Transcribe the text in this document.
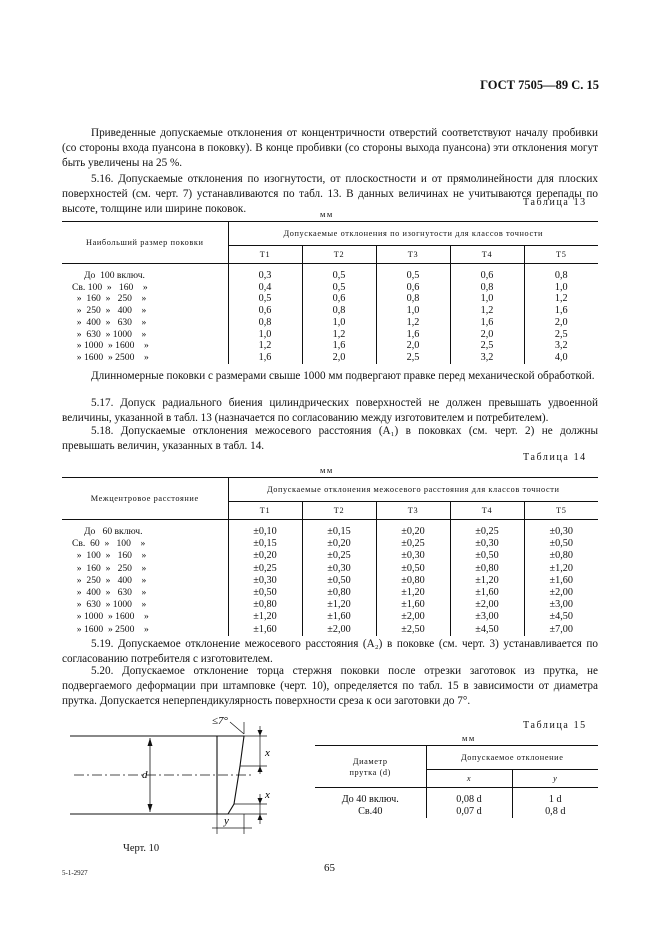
ГОСТ 7505—89 С. 15
Приведенные допускаемые отклонения от концентричности отверстий соответствуют началу пробивки (со стороны входа пуансона в поковку). В конце пробивки (со стороны выхода пуансона) эти отклонения могут быть увеличены на 25 %.
5.16. Допускаемые отклонения по изогнутости, от плоскостности и от прямолинейности для плоских поверхностей (см. черт. 7) устанавливаются по табл. 13. В данных величинах не учитываются перепады по высоте, толщине или ширине поковок.
Таблица 13
мм
Наибольший размер поковки	Допускаемые отклонения по изогнутости для классов точности				
	Т1	Т2	Т3	Т4	Т5
До  100 включ.	0,3	0,5	0,5	0,6	0,8
Св. 100  »   160    »	0,4	0,5	0,6	0,8	1,0
»  160  »   250    »	0,5	0,6	0,8	1,0	1,2
»  250  »   400    »	0,6	0,8	1,0	1,2	1,6
»  400  »   630    »	0,8	1,0	1,2	1,6	2,0
»  630  » 1000    »	1,0	1,2	1,6	2,0	2,5
» 1000  » 1600    »	1,2	1,6	2,0	2,5	3,2
» 1600  » 2500    »	1,6	2,0	2,5	3,2	4,0
Длинномерные поковки с размерами свыше 1000 мм подвергают правке перед механической обработкой.
5.17. Допуск радиального биения цилиндрических поверхностей не должен превышать удвоенной величины, указанной в табл. 13 (назначается по согласованию между изготовителем и потребителем).
5.18. Допускаемые отклонения межосевого расстояния (A₁) в поковках (см. черт. 2) не должны превышать величин, указанных в табл. 14.
Таблица 14
мм
Межцентровое расстояние	Допускаемые отклонения межосевого расстояния для классов точности				
	Т1	Т2	Т3	Т4	Т5
До   60 включ.	±0,10	±0,15	±0,20	±0,25	±0,30
Св.  60  »   100    »	±0,15	±0,20	±0,25	±0,30	±0,50
»  100  »   160    »	±0,20	±0,25	±0,30	±0,50	±0,80
»  160  »   250    »	±0,25	±0,30	±0,50	±0,80	±1,20
»  250  »   400    »	±0,30	±0,50	±0,80	±1,20	±1,60
»  400  »   630    »	±0,50	±0,80	±1,20	±1,60	±2,00
»  630  » 1000    »	±0,80	±1,20	±1,60	±2,00	±3,00
» 1000  » 1600    »	±1,20	±1,60	±2,00	±3,00	±4,50
» 1600  » 2500    »	±1,60	±2,00	±2,50	±4,50	±7,00
5.19. Допускаемое отклонение межосевого расстояния (A₂) в поковке (см. черт. 3) устанавливается по согласованию потребителя с изготовителем.
5.20. Допускаемое отклонение торца стержня поковки после отрезки заготовок из прутка, не подвергаемого деформации при штамповке (черт. 10), определяется по табл. 15 в зависимости от диаметра прутка. Допускается неперпендикулярность поверхности среза к оси заготовки до 7°.
≤7°
d
x
x
y
Черт. 10
Таблица 15
мм
Диаметр
прутка (d)	Допускаемое отклонение	
	x	y
До 40 включ.	0,08 d	1 d
Св.40	0,07 d	0,8 d
5-1-2927	65
